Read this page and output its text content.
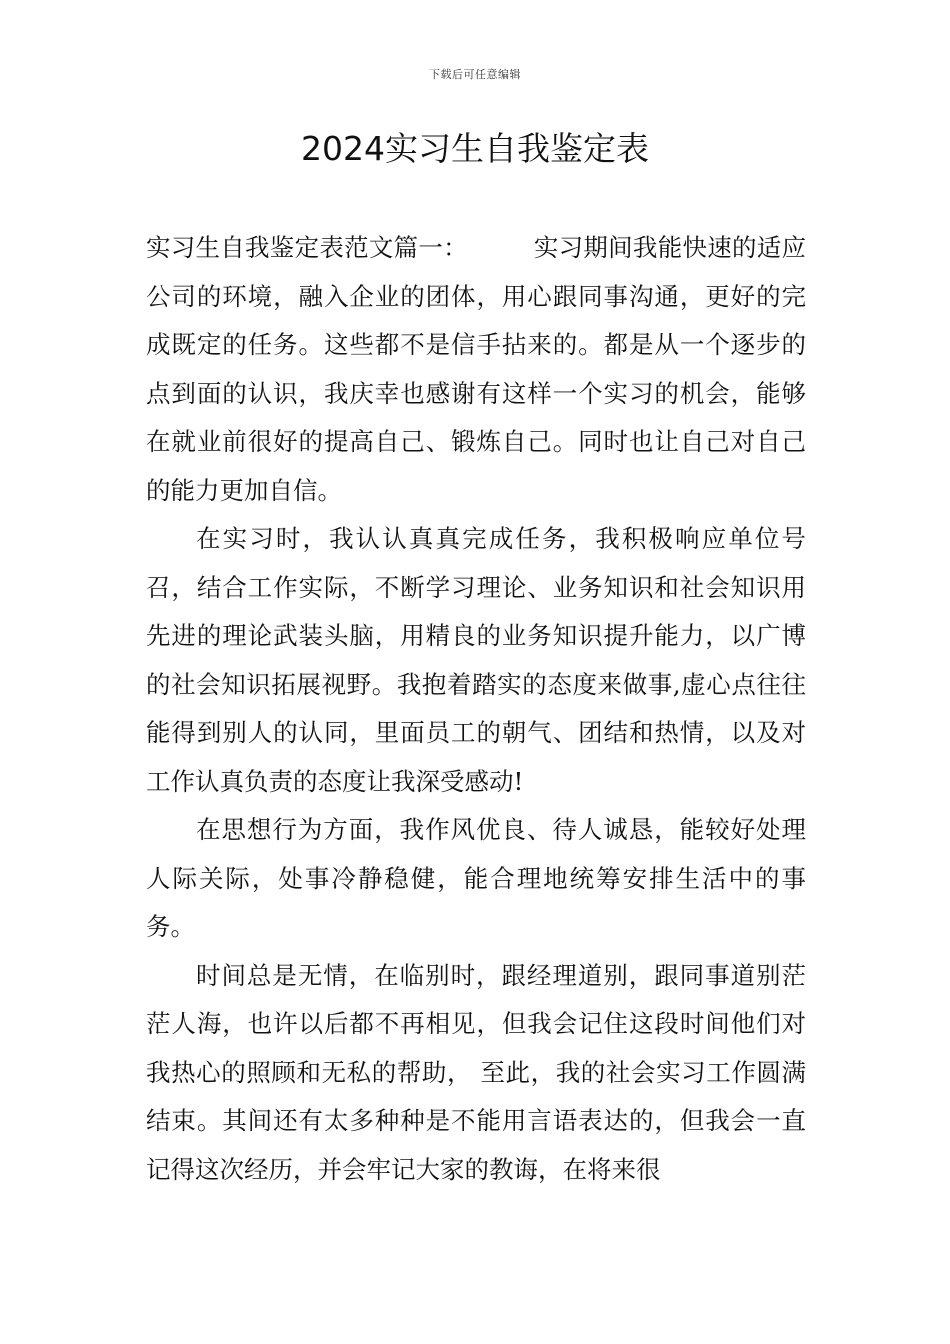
下载后可任意编辑
2024实习生自我鉴定表

实习生自我鉴定表范文篇一：	实习期间我能快速的适应公司的环境，融入企业的团体，用心跟同事沟通，更好的完成既定的任务。这些都不是信手拈来的。都是从一个逐步的点到面的认识，我庆幸也感谢有这样一个实习的机会，能够在就业前很好的提高自己、锻炼自己。同时也让自己对自己的能力更加自信。

在实习时，我认认真真完成任务，我积极响应单位号召，结合工作实际，不断学习理论、业务知识和社会知识用先进的理论武装头脑，用精良的业务知识提升能力，以广博的社会知识拓展视野。我抱着踏实的态度来做事,虚心点往往能得到别人的认同，里面员工的朝气、团结和热情，以及对工作认真负责的态度让我深受感动!

在思想行为方面，我作风优良、待人诚恳，能较好处理人际关际，处事冷静稳健，能合理地统筹安排生活中的事务。

时间总是无情，在临别时，跟经理道别，跟同事道别茫茫人海，也许以后都不再相见，但我会记住这段时间他们对我热心的照顾和无私的帮助， 至此，我的社会实习工作圆满结束。其间还有太多种种是不能用言语表达的，但我会一直记得这次经历，并会牢记大家的教诲，在将来很
